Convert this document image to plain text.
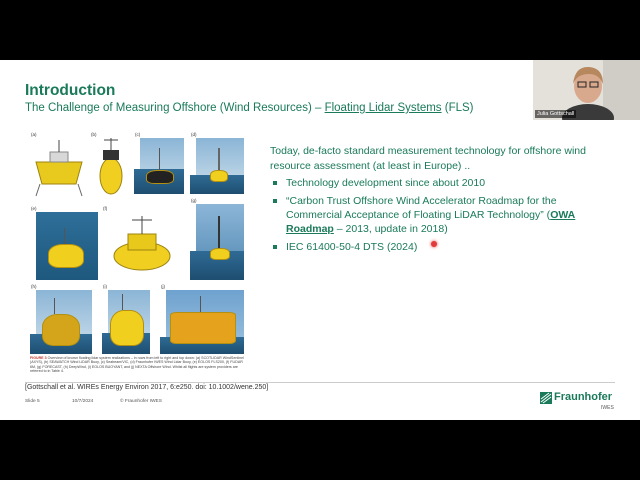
Introduction
The Challenge of Measuring Offshore (Wind Resources) – Floating Lidar Systems (FLS)	Julia Gottschall
(a)	(b)	(c)	(d)
(e)	(f)
(g)
(h)	(i)	(j)
FIGURE 3 Overview of known floating lidar system realizations – in rows from left to right and top down: (a) SCOTLIDAR WindSentinel (AXYS), (b) SEAWATCH Wind LiDAR Buoy, (c) Seabeam/VIC, (d) Fraunhofer IWES Wind Lidar Buoy, (e) EOLOS FLS200, (f) FLiDAR 6M, (g) FORECAST, (h) DeepWind, (i) EOLOS BUOYANT, and (j) NEXTA Offshore Wind. Whilst all flights are system providers are referred to in Table 4.
Today, de-facto standard measurement technology for offshore wind resource assessment (at least in Europe) ..
Technology development since about 2010
“Carbon Trust Offshore Wind Accelerator Roadmap for the Commercial Acceptance of Floating LiDAR Technology” (OWA Roadmap – 2013, update in 2018)
IEC 61400-50-4 DTS (2024)
[Gottschall et al. WIREs Energy Environ 2017, 6:e250. doi: 10.1002/wene.250]
Slide 5	10/7/2024	© Fraunhofer IWES	Fraunhofer
IWES
